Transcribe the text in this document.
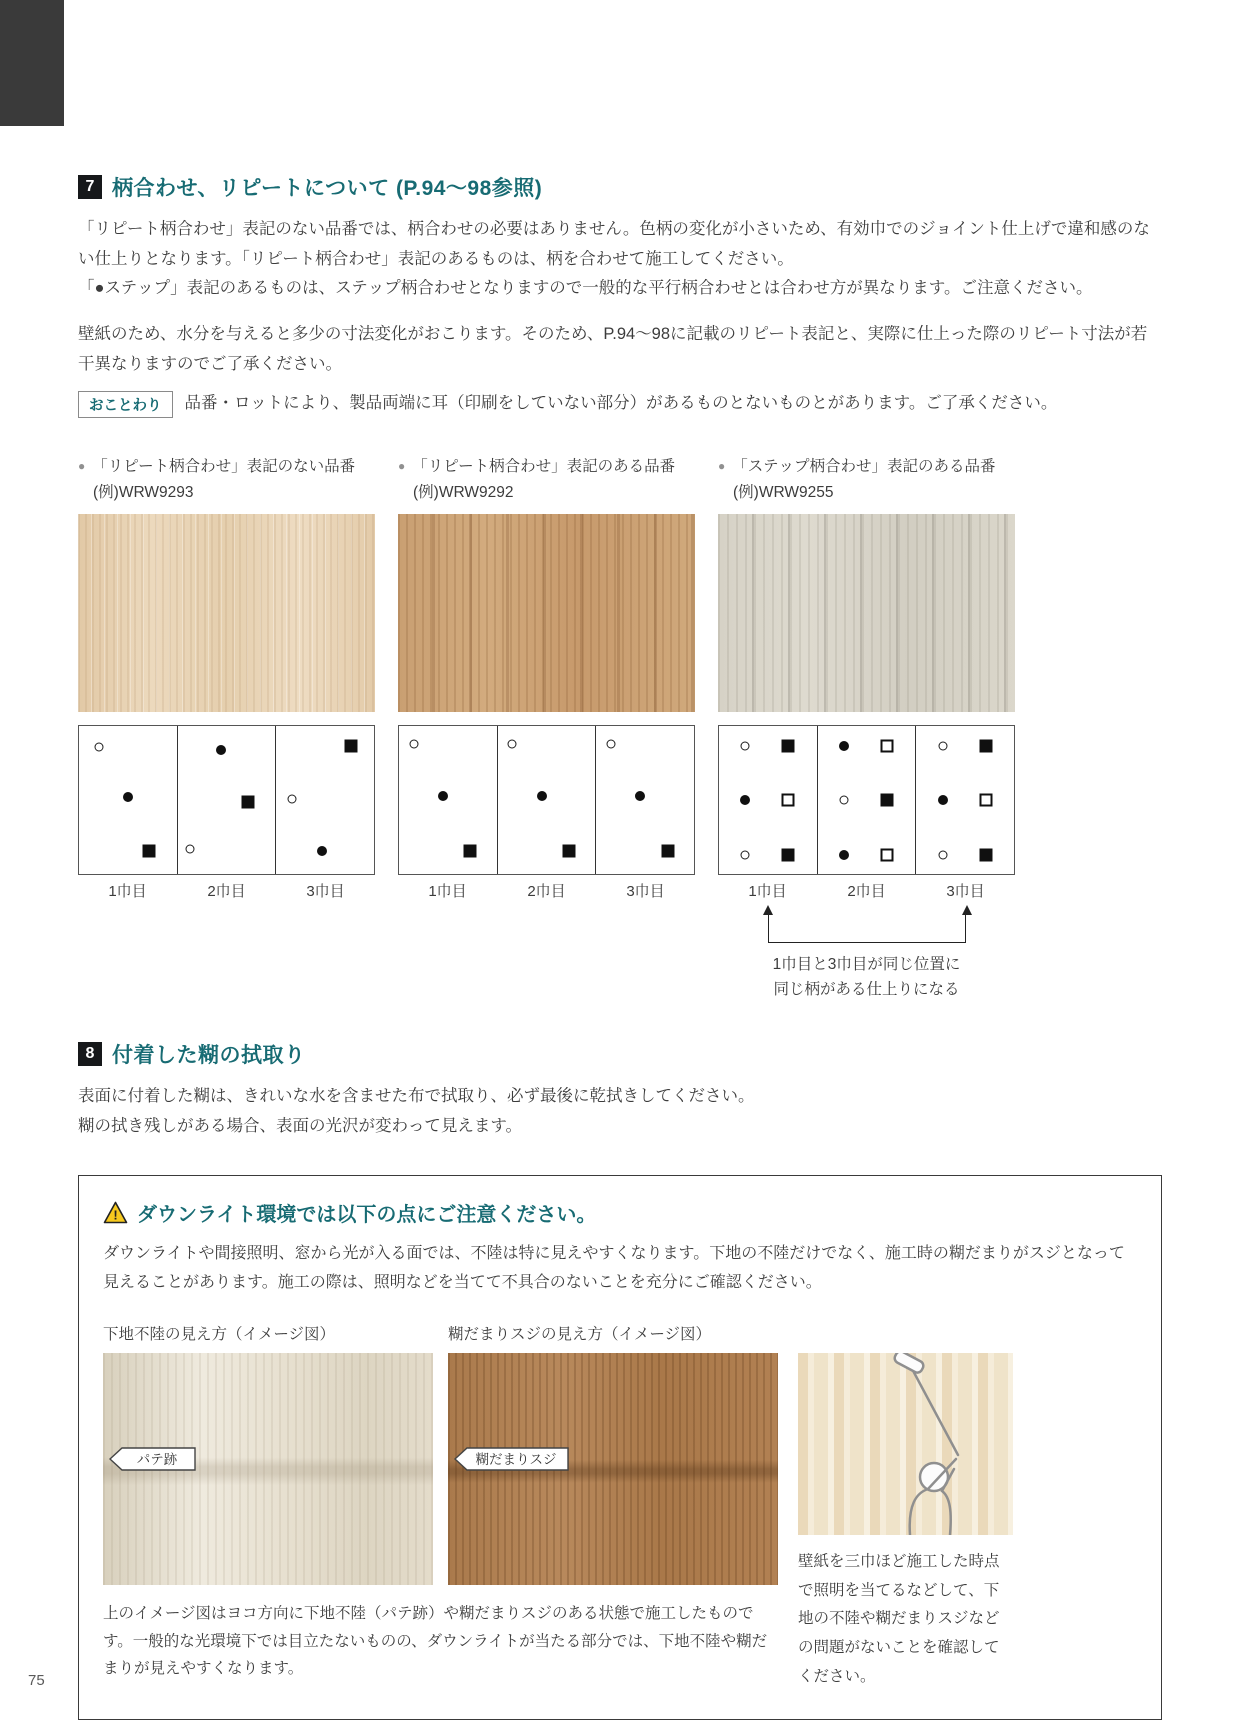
7 柄合わせ、リピートについて (P.94～98参照)

「リピート柄合わせ」表記のない品番では、柄合わせの必要はありません。色柄の変化が小さいため、有効巾でのジョイント仕上げで違和感のない仕上りとなります。「リピート柄合わせ」表記のあるものは、柄を合わせて施工してください。

「●ステップ」表記のあるものは、ステップ柄合わせとなりますので一般的な平行柄合わせとは合わせ方が異なります。ご注意ください。

壁紙のため、水分を与えると多少の寸法変化がおこります。そのため、P.94～98に記載のリピート表記と、実際に仕上った際のリピート寸法が若干異なりますのでご了承ください。

おことわり	品番・ロットにより、製品両端に耳（印刷をしていない部分）があるものとないものとがあります。ご了承ください。
● 「リピート柄合わせ」表記のない品番
(例)WRW9293
1巾目	2巾目	3巾目
● 「リピート柄合わせ」表記のある品番
(例)WRW9292
1巾目	2巾目	3巾目
● 「ステップ柄合わせ」表記のある品番
(例)WRW9255
1巾目	2巾目	3巾目
1巾目と3巾目が同じ位置に
同じ柄がある仕上りになる
8 付着した糊の拭取り

表面に付着した糊は、きれいな水を含ませた布で拭取り、必ず最後に乾拭きしてください。

糊の拭き残しがある場合、表面の光沢が変わって見えます。

! ダウンライト環境では以下の点にご注意ください。

ダウンライトや間接照明、窓から光が入る面では、不陸は特に見えやすくなります。下地の不陸だけでなく、施工時の糊だまりがスジとなって見えることがあります。施工の際は、照明などを当てて不具合のないことを充分にご確認ください。

下地不陸の見え方（イメージ図）	糊だまりスジの見え方（イメージ図）
パテ跡	糊だまりスジ

上のイメージ図はヨコ方向に下地不陸（パテ跡）や糊だまりスジのある状態で施工したものです。一般的な光環境下では目立たないものの、ダウンライトが当たる部分では、下地不陸や糊だまりが見えやすくなります。

壁紙を三巾ほど施工した時点で照明を当てるなどして、下地の不陸や糊だまりスジなどの問題がないことを確認してください。

75
